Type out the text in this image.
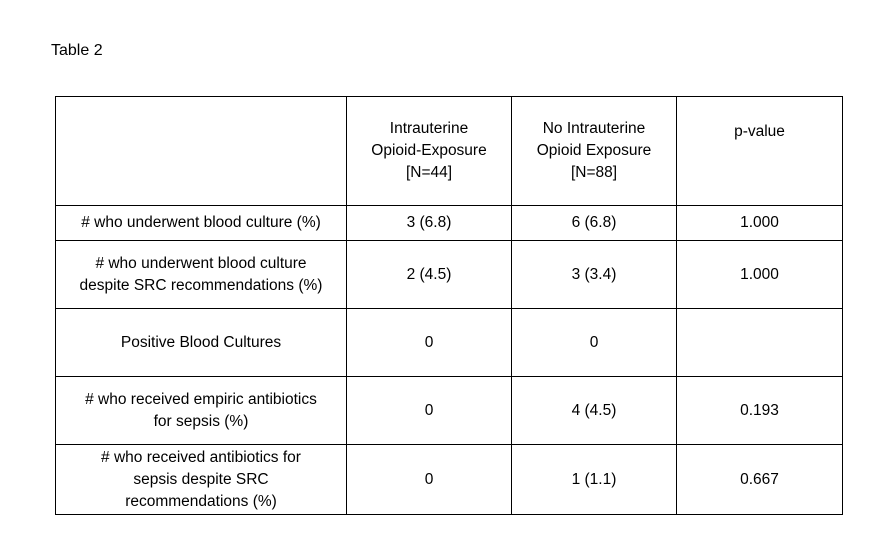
Table 2
	Intrauterine
Opioid-Exposure
[N=44]	No Intrauterine
Opioid Exposure
[N=88]	p-value
# who underwent blood culture (%)	3 (6.8)	6 (6.8)	1.000
# who underwent blood culture
despite SRC recommendations (%)	2 (4.5)	3 (3.4)	1.000
Positive Blood Cultures	0	0	
# who received empiric antibiotics
for sepsis (%)	0	4 (4.5)	0.193
# who received antibiotics for
sepsis despite SRC
recommendations (%)	0	1 (1.1)	0.667
